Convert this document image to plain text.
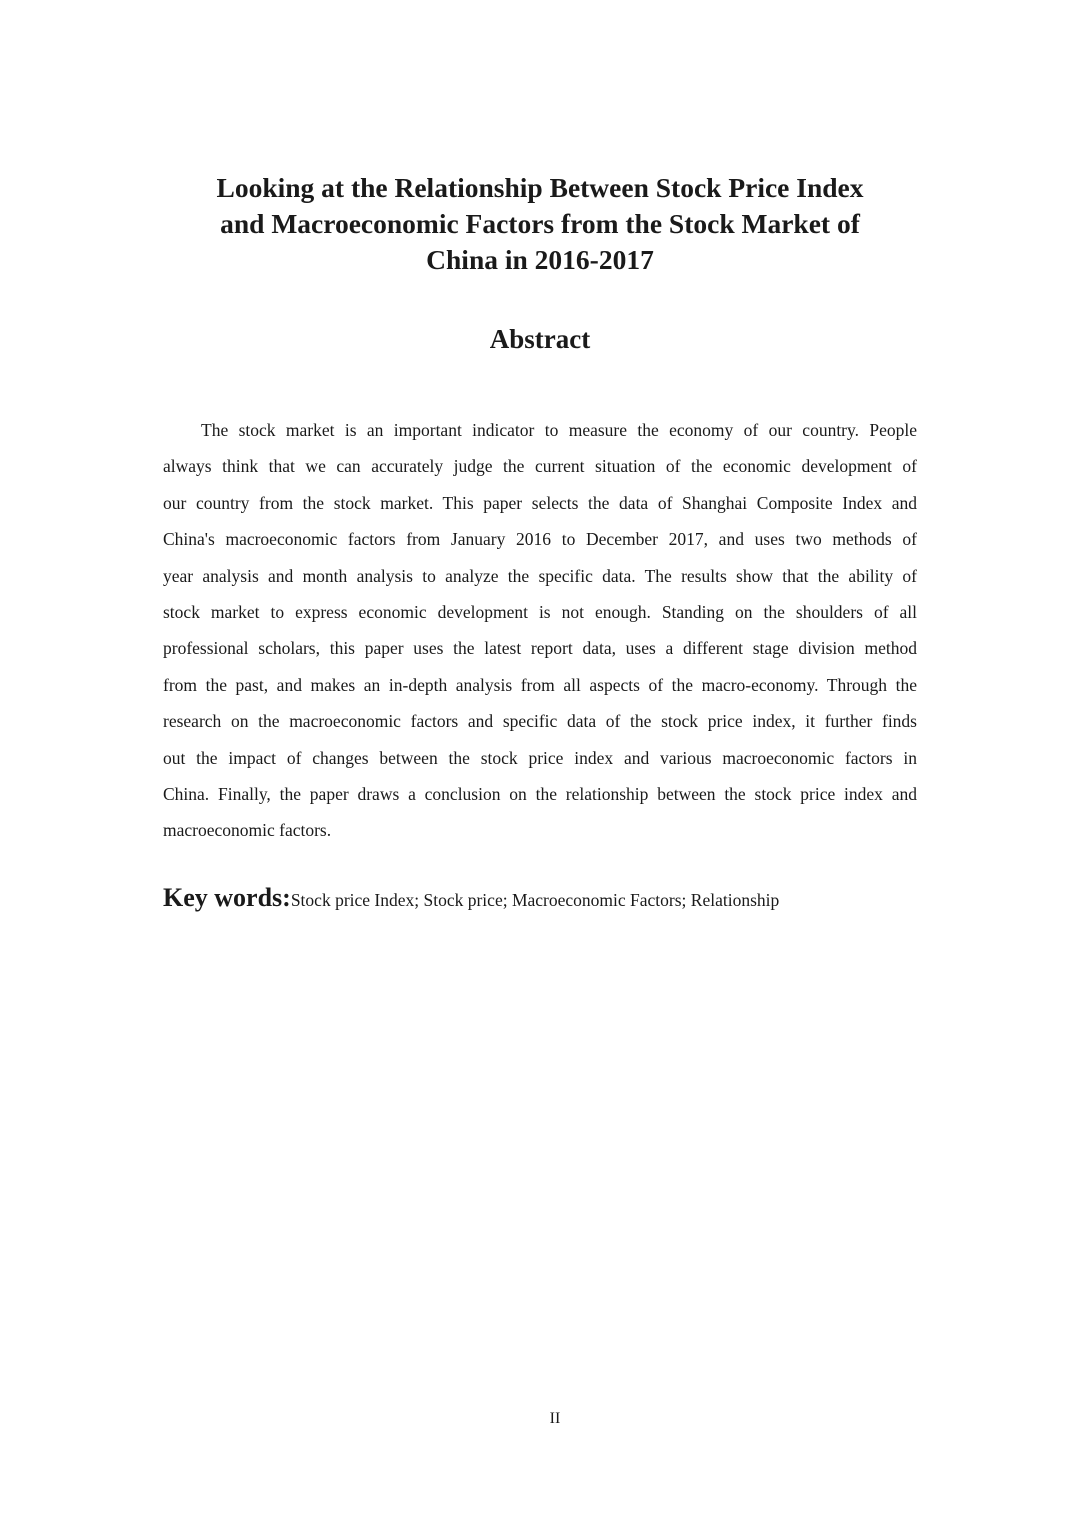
Looking at the Relationship Between Stock Price Index
and Macroeconomic Factors from the Stock Market of
China in 2016-2017
Abstract
The stock market is an important indicator to measure the economy of our country. People
always think that we can accurately judge the current situation of the economic development of
our country from the stock market. This paper selects the data of Shanghai Composite Index and
China's macroeconomic factors from January 2016 to December 2017, and uses two methods of
year analysis and month analysis to analyze the specific data. The results show that the ability of
stock market to express economic development is not enough. Standing on the shoulders of all
professional scholars, this paper uses the latest report data, uses a different stage division method
from the past, and makes an in-depth analysis from all aspects of the macro-economy. Through the
research on the macroeconomic factors and specific data of the stock price index, it further finds
out the impact of changes between the stock price index and various macroeconomic factors in
China. Finally, the paper draws a conclusion on the relationship between the stock price index and
macroeconomic factors.

Key words:Stock price Index; Stock price; Macroeconomic Factors; Relationship

II
